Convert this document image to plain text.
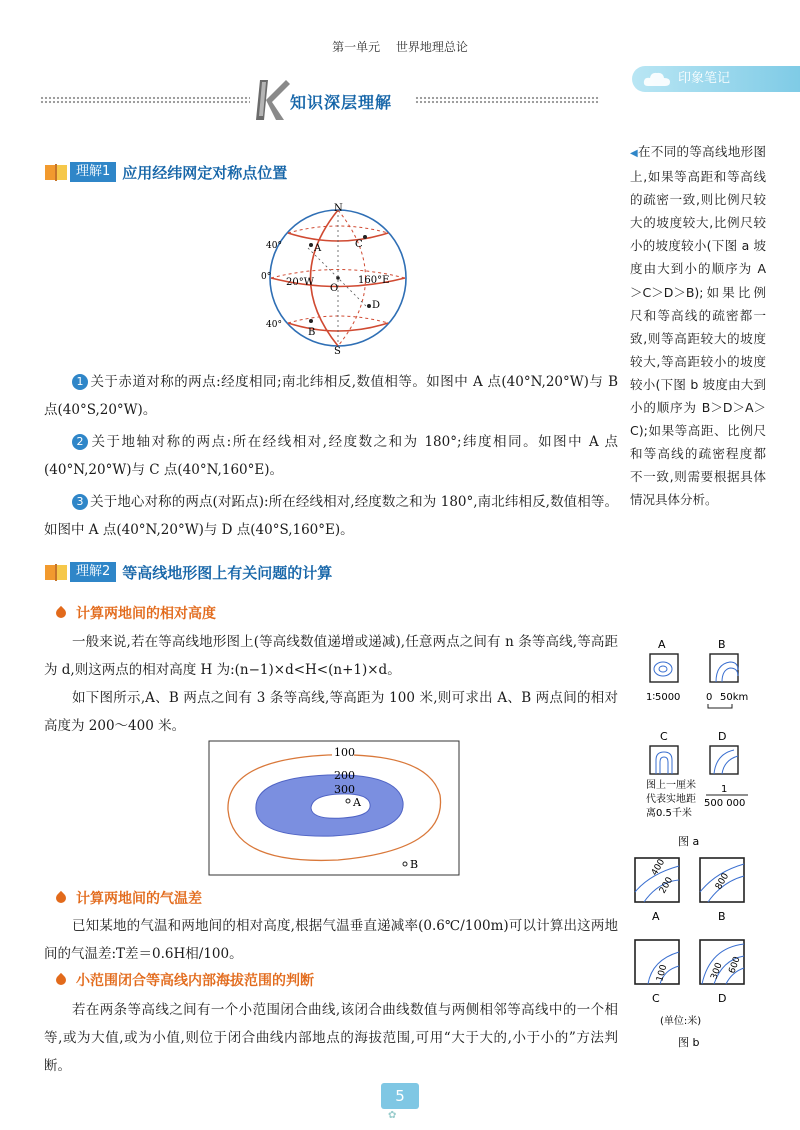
第一单元 世界地理总论
印象笔记
知识深层理解
理解1 应用经纬网定对称点位置
N
S
40°
0°
40°
20°W	160°E
O
A	C
D
B
1 关于赤道对称的两点:经度相同;南北纬相反,数值相等。如图中 A 点(40°N,20°W)与 B 点(40°S,20°W)。
2 关于地轴对称的两点:所在经线相对,经度数之和为 180°;纬度相同。如图中 A 点(40°N,20°W)与 C 点(40°N,160°E)。
3 关于地心对称的两点(对跖点):所在经线相对,经度数之和为 180°,南北纬相反,数值相等。如图中 A 点(40°N,20°W)与 D 点(40°S,160°E)。
理解2 等高线地形图上有关问题的计算
计算两地间的相对高度
一般来说,若在等高线地形图上(等高线数值递增或递减),任意两点之间有 n 条等高线,等高距为 d,则这两点的相对高度 H 为:(n−1)×d<H<(n+1)×d。
如下图所示,A、B 两点之间有 3 条等高线,等高距为 100 米,则可求出 A、B 两点间的相对高度为 200～400 米。
100
200
300
A
B
计算两地间的气温差
已知某地的气温和两地间的相对高度,根据气温垂直递减率(0.6℃/100m)可以计算出这两地间的气温差:T差＝0.6H相/100。
小范围闭合等高线内部海拔范围的判断
若在两条等高线之间有一个小范围闭合曲线,该闭合曲线数值与两侧相邻等高线中的一个相等,或为大值,或为小值,则位于闭合曲线内部地点的海拔范围,可用“大于大的,小于小的”方法判断。
◀在不同的等高线地形图上,如果等高距和等高线的疏密一致,则比例尺较大的坡度较大,比例尺较小的坡度较小(下图 a 坡度由大到小的顺序为 A＞C＞D＞B);如果比例尺和等高线的疏密都一致,则等高距较大的坡度较大,等高距较小的坡度较小(下图 b 坡度由大到小的顺序为 B＞D＞A＞C);如果等高距、比例尺和等高线的疏密程度都不一致,则需要根据具体情况具体分析。
A	B
1∶5000	0 50km
C	D
图上一厘米
代表实地距
离0.5千米
1
500 000
图 a
400
200	800
A	B
100	300 600
C	D
(单位:米)
图 b
5
✿
